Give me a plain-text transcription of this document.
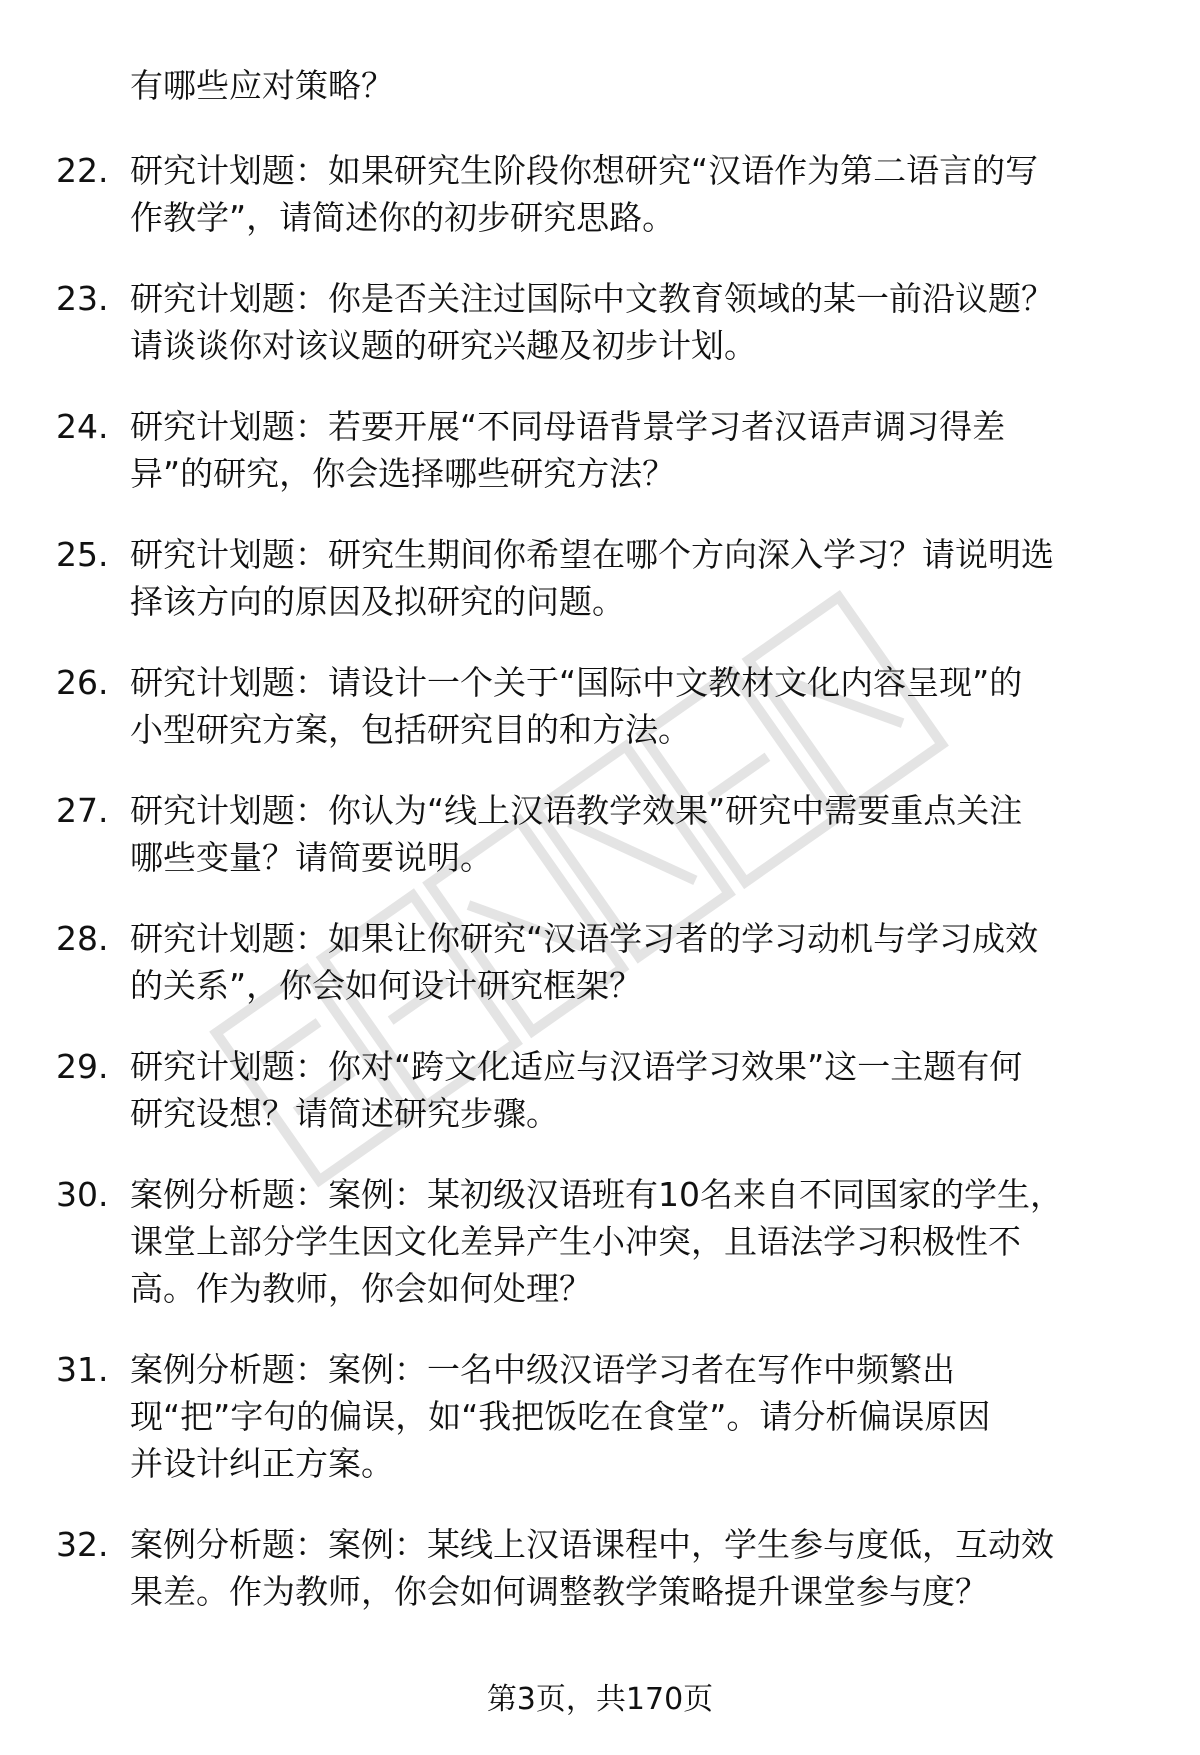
有哪些应对策略？

22. 研究计划题：如果研究生阶段你想研究“汉语作为第二语言的写
作教学”，请简述你的初步研究思路。
23. 研究计划题：你是否关注过国际中文教育领域的某一前沿议题？
请谈谈你对该议题的研究兴趣及初步计划。
24. 研究计划题：若要开展“不同母语背景学习者汉语声调习得差
异”的研究，你会选择哪些研究方法？
25. 研究计划题：研究生期间你希望在哪个方向深入学习？请说明选
择该方向的原因及拟研究的问题。
26. 研究计划题：请设计一个关于“国际中文教材文化内容呈现”的
小型研究方案，包括研究目的和方法。
27. 研究计划题：你认为“线上汉语教学效果”研究中需要重点关注
哪些变量？请简要说明。
28. 研究计划题：如果让你研究“汉语学习者的学习动机与学习成效
的关系”，你会如何设计研究框架？
29. 研究计划题：你对“跨文化适应与汉语学习效果”这一主题有何
研究设想？请简述研究步骤。
30. 案例分析题：案例：某初级汉语班有10名来自不同国家的学生，
课堂上部分学生因文化差异产生小冲突，且语法学习积极性不
高。作为教师，你会如何处理？
31. 案例分析题：案例：一名中级汉语学习者在写作中频繁出
现“把”字句的偏误，如“我把饭吃在食堂”。请分析偏误原因
并设计纠正方案。
32. 案例分析题：案例：某线上汉语课程中，学生参与度低，互动效
果差。作为教师，你会如何调整教学策略提升课堂参与度？
第3页，共170页
